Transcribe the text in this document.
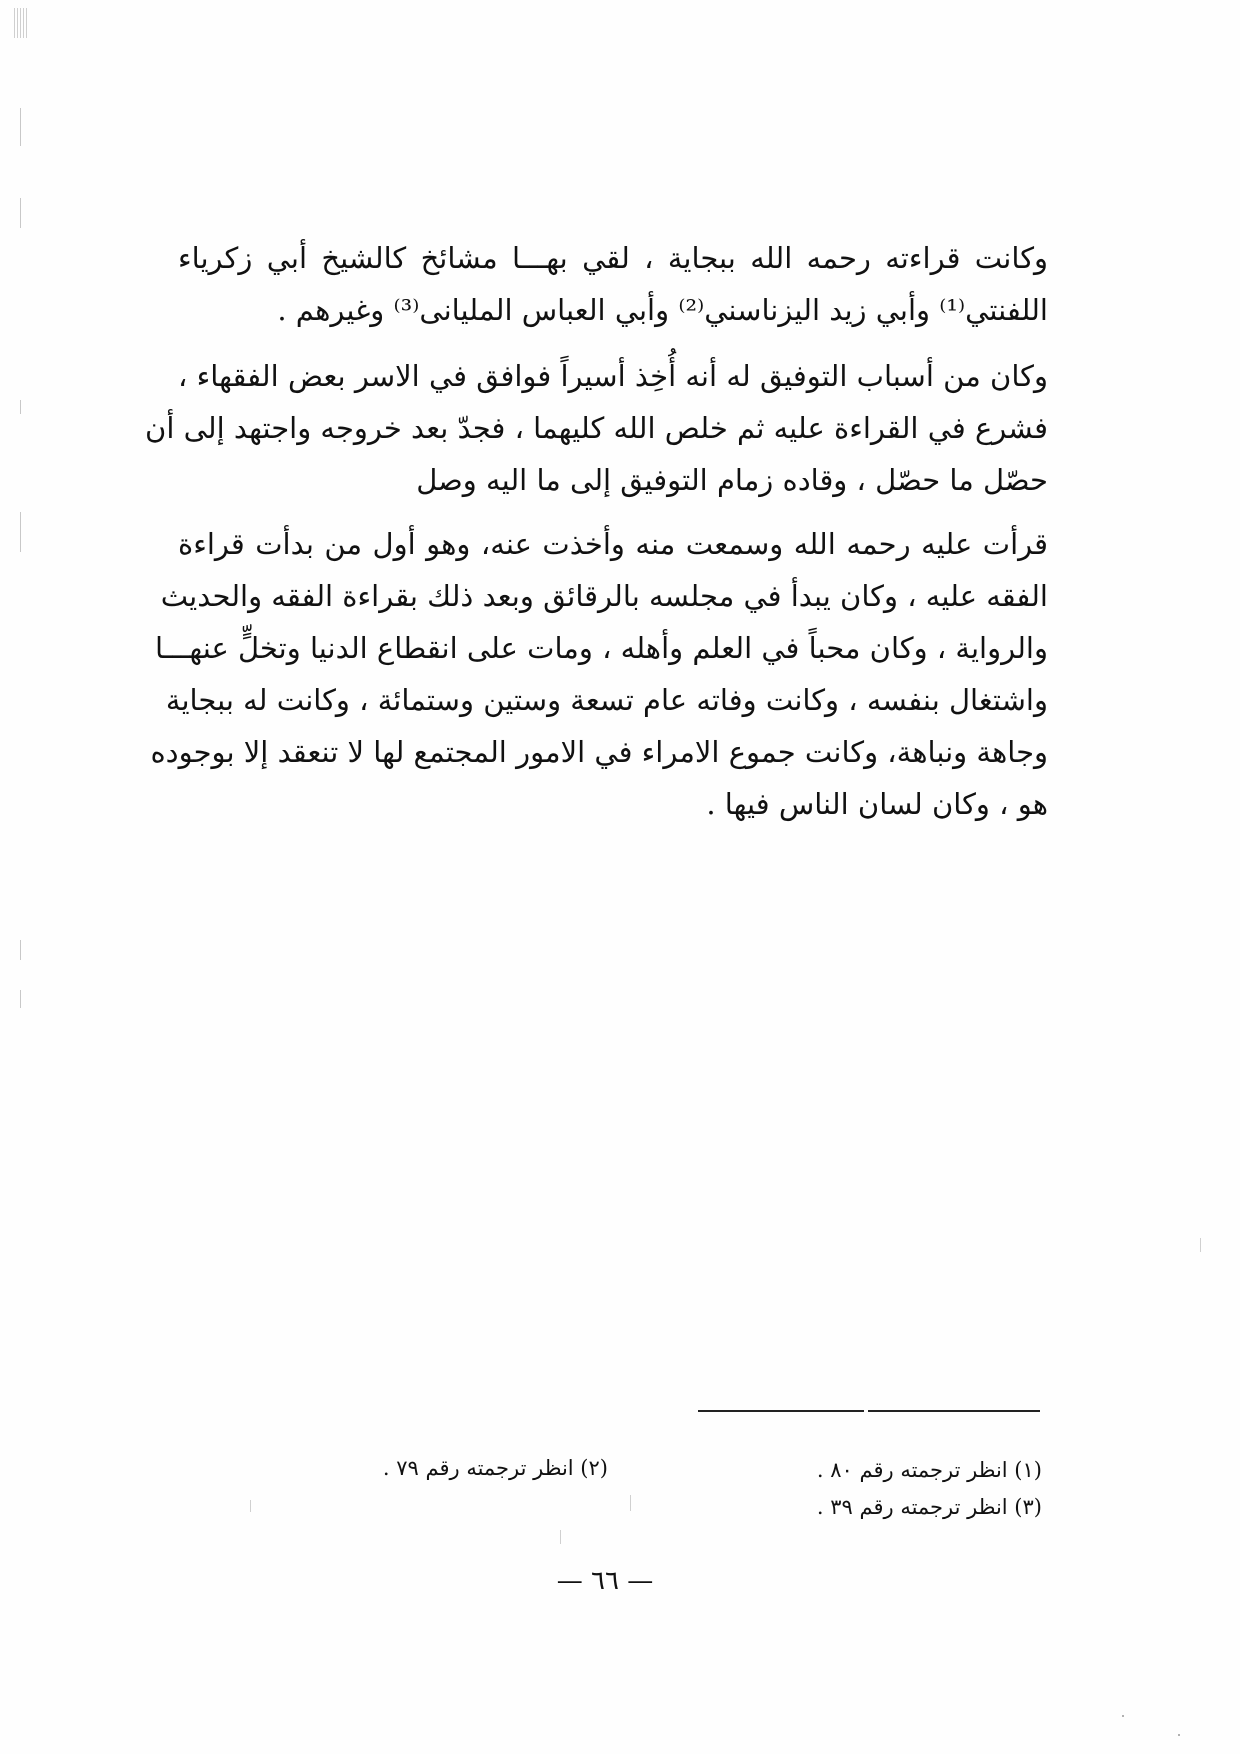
وكانت قراءته رحمه الله ببجاية ، لقي بهـــا مشائخ كالشيخ أبي زكرياء
اللفنتي⁽¹⁾ وأبي زيد اليزناسني⁽²⁾ وأبي العباس المليانى⁽³⁾ وغيرهم .

وكان من أسباب التوفيق له أنه أُخِذ أسيراً فوافق في الاسر بعض الفقهاء ،
فشرع في القراءة عليه ثم خلص الله كليهما ، فجدّ بعد خروجه واجتهد إلى أن
حصّل ما حصّل ، وقاده زمام التوفيق إلى ما اليه وصل

قرأت عليه رحمه الله وسمعت منه وأخذت عنه، وهو أول من بدأت قراءة
الفقه عليه ، وكان يبدأ في مجلسه بالرقائق وبعد ذلك بقراءة الفقه والحديث
والرواية ، وكان محباً في العلم وأهله ، ومات على انقطاع الدنيا وتخلٍّ عنهـــا
واشتغال بنفسه ، وكانت وفاته عام تسعة وستين وستمائة ، وكانت له ببجاية
وجاهة ونباهة، وكانت جموع الامراء في الامور المجتمع لها لا تنعقد إلا بوجوده
هو ، وكان لسان الناس فيها .

(١) انظر ترجمته رقم ٨٠ .
(٢) انظر ترجمته رقم ٧٩ .
(٣) انظر ترجمته رقم ٣٩ .
— ٦٦ —
